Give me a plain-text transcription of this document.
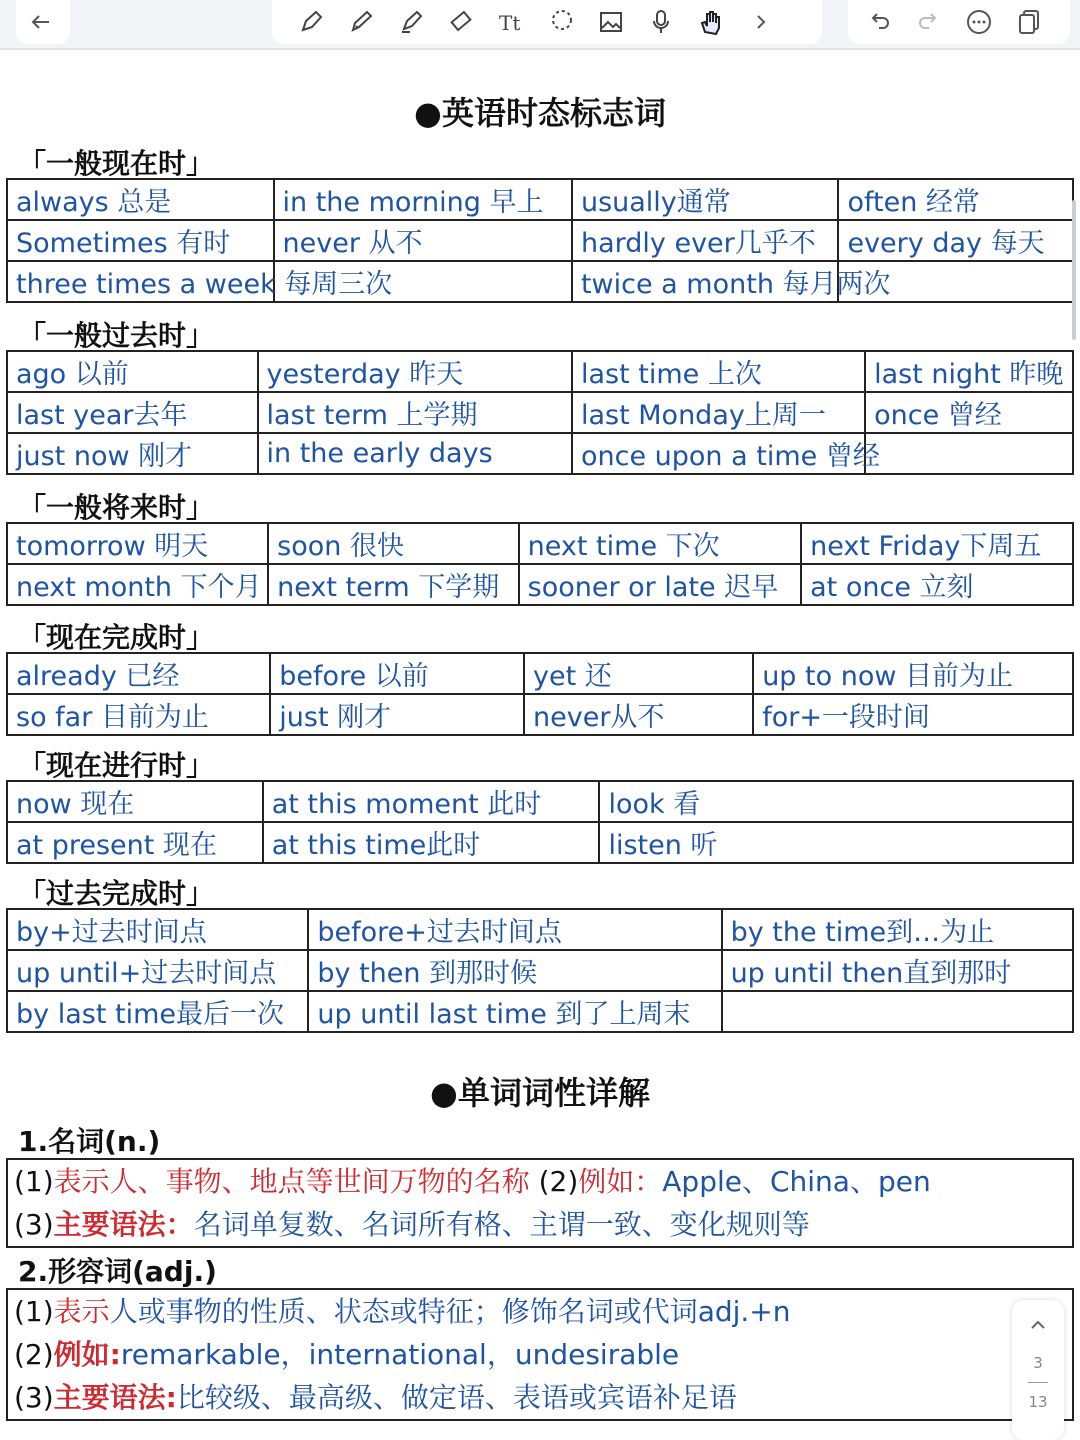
Tt
●英语时态标志词
「一般现在时」
always 总是	in the morning 早上	usually通常	often 经常
Sometimes 有时	never 从不	hardly ever几乎不	every day 每天
three times a week 每周三次		twice a month 每月两次	
「一般过去时」
ago 以前	yesterday 昨天	last time 上次	last night 昨晚
last year去年	last term 上学期	last Monday上周一	once 曾经
just now 刚才	in the early days	once upon a time 曾经	
「一般将来时」
tomorrow 明天	soon 很快	next time 下次	next Friday下周五
next month 下个月	next term 下学期	sooner or late 迟早	at once 立刻
「现在完成时」
already 已经	before 以前	yet 还	up to now 目前为止
so far 目前为止	just 刚才	never从不	for+一段时间
「现在进行时」
now 现在	at this moment 此时	look 看
at present 现在	at this time此时	listen 听
「过去完成时」
by+过去时间点	before+过去时间点	by the time到…为止
up until+过去时间点	by then 到那时候	up until then直到那时
by last time最后一次	up until last time 到了上周末	
●单词词性详解
1.名词(n.)
(1)表示人、事物、地点等世间万物的名称 (2)例如：Apple、China、pen
(3)主要语法：名词单复数、名词所有格、主谓一致、变化规则等
2.形容词(adj.)
(1)表示人或事物的性质、状态或特征；修饰名词或代词adj.+n
(2)例如:remarkable，international，undesirable
(3)主要语法:比较级、最高级、做定语、表语或宾语补足语
3
13
